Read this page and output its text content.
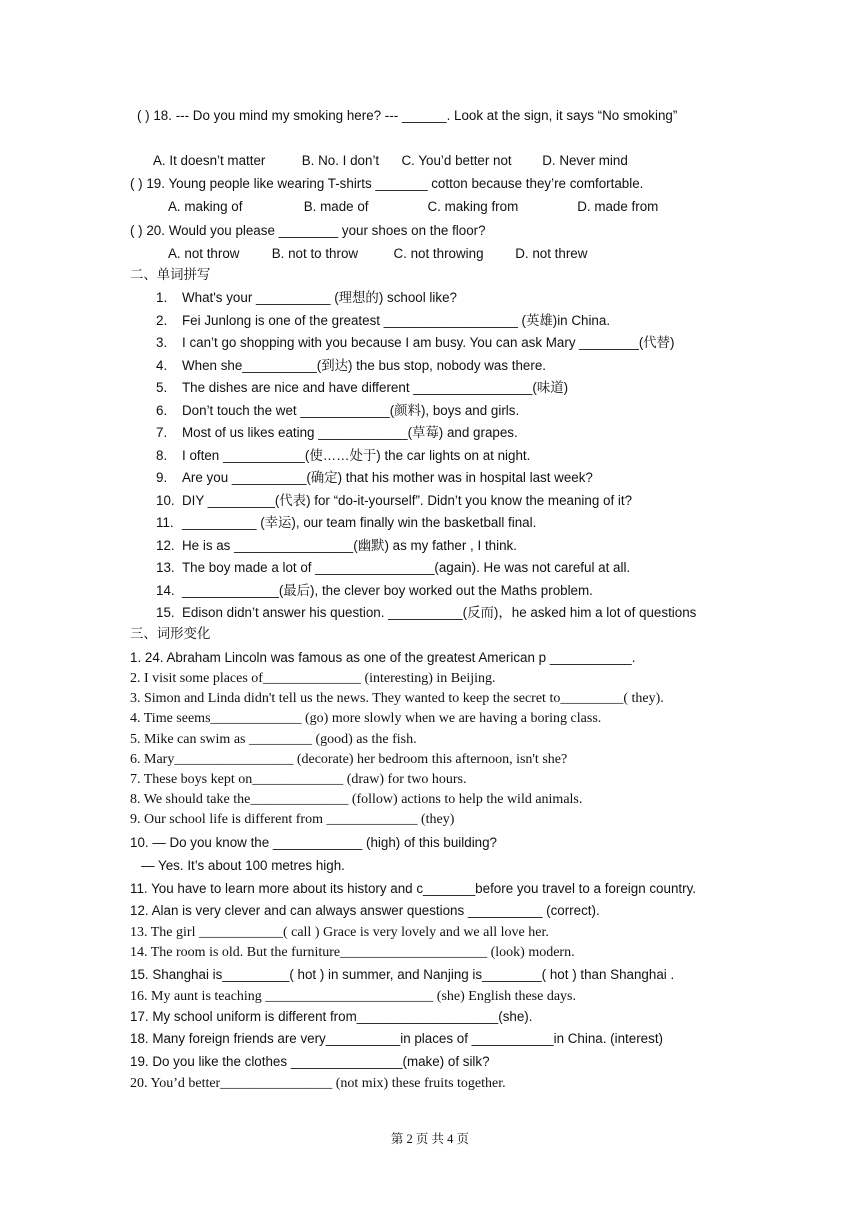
( ) 18. --- Do you mind my smoking here? --- ______. Look at the sign, it says “No smoking”
A. It doesn’t matter	B. No. I don’t C. You’d better not D. Never mind
( ) 19. Young people like wearing T-shirts _______ cotton because they’re comfortable.
A. making of	B. made of	C. making from	D. made from
( ) 20. Would you please ________ your shoes on the floor?
A. not throw B. not to throw	C. not throwing D. not threw
二、单词拼写
1. What's your __________ (理想的) school like?
2. Fei Junlong is one of the greatest __________________ (英雄)in China.
3. I can’t go shopping with you because I am busy. You can ask Mary ________(代替)
4. When she__________(到达) the bus stop, nobody was there.
5. The dishes are nice and have different ________________(味道)
6. Don’t touch the wet ____________(颜料), boys and girls.
7. Most of us likes eating ____________(草莓) and grapes.
8. I often ___________(使……处于) the car lights on at night.
9. Are you __________(确定) that his mother was in hospital last week?
10. DIY _________(代表) for “do-it-yourself”. Didn’t you know the meaning of it?
11. __________ (幸运), our team finally win the basketball final.
12. He is as ________________(幽默) as my father , I think.
13. The boy made a lot of ________________(again). He was not careful at all.
14. _____________(最后), the clever boy worked out the Maths problem.
15. Edison didn’t answer his question. __________(反而)，he asked him a lot of questions
三、词形变化
1. 24. Abraham Lincoln was famous as one of the greatest American p ___________.
2. I visit some places of______________ (interesting) in Beijing.
3. Simon and Linda didn't tell us the news. They wanted to keep the secret to_________( they).
4. Time seems_____________ (go) more slowly when we are having a boring class.
5. Mike can swim as _________ (good) as the fish.
6. Mary_________________ (decorate) her bedroom this afternoon, isn't she?
7. These boys kept on_____________ (draw) for two hours.
8. We should take the______________ (follow) actions to help the wild animals.
9. Our school life is different from _____________ (they)
10. — Do you know the ____________ (high) of this building?
— Yes. It’s about 100 metres high.
11. You have to learn more about its history and c_______before you travel to a foreign country.
12. Alan is very clever and can always answer questions __________ (correct).
13. The girl ____________( call ) Grace is very lovely and we all love her.
14. The room is old. But the furniture_____________________ (look) modern.
15. Shanghai is_________( hot ) in summer, and Nanjing is________( hot ) than Shanghai .
16. My aunt is teaching ________________________ (she) English these days.
17. My school uniform is different from___________________(she).
18. Many foreign friends are very__________in places of ___________in China. (interest)
19. Do you like the clothes _______________(make) of silk?
20. You’d better________________ (not mix) these fruits together.
第 2 页 共 4 页
